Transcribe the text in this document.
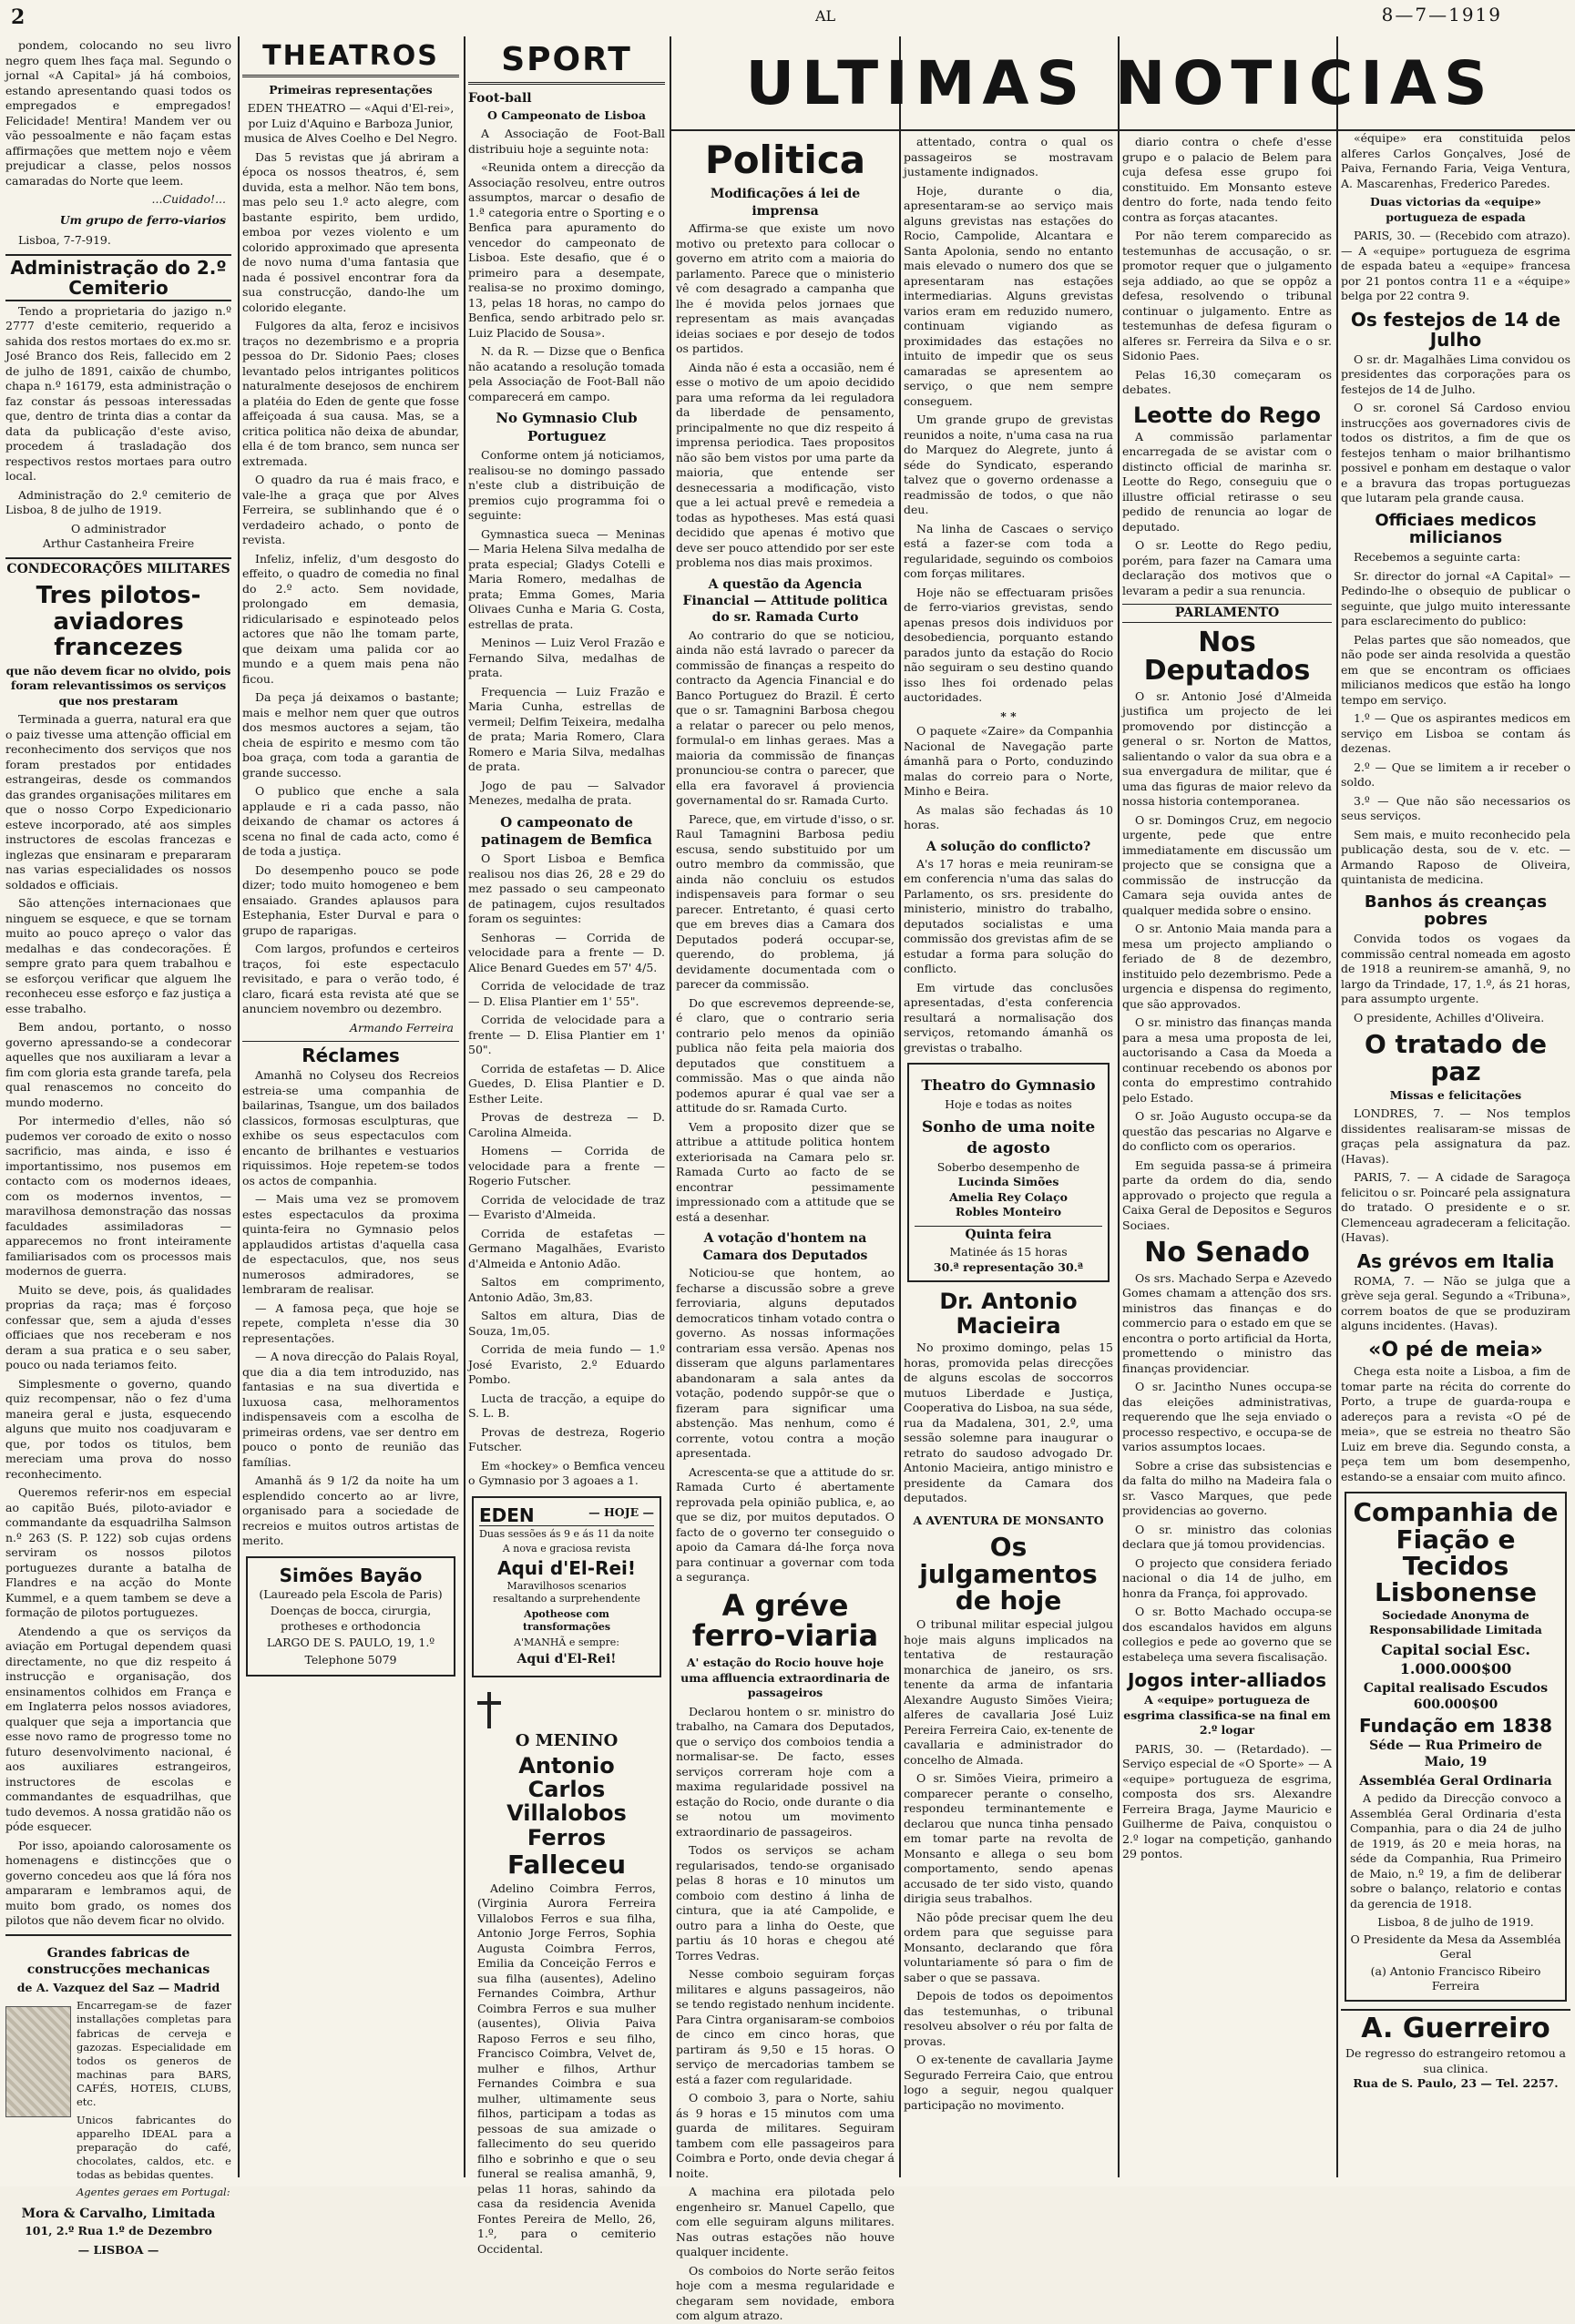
2	AL	8—7—1919
ULTIMAS NOTICIAS

pondem, colocando no seu livro negro quem lhes faça mal. Segundo o jornal «A Capital» já há comboios, estando apresentando quasi todos os empregados e empregados! Felicidade! Mentira! Mandem ver ou vão pessoalmente e não façam estas affirmações que mettem nojo e vêem prejudicar a classe, pelos nossos camaradas do Norte que leem.

...Cuidado!...
Um grupo de ferro-viarios
Lisboa, 7-7-919.
Administração do 2.º Cemiterio

Tendo a proprietaria do jazigo n.º 2777 d'este cemiterio, requerido a sahida dos restos mortaes do ex.mo sr. José Branco dos Reis, fallecido em 2 de julho de 1891, caixão de chumbo, chapa n.º 16179, esta administração o faz constar ás pessoas interessadas que, dentro de trinta dias a contar da data da publicação d'este aviso, procedem á trasladação dos respectivos restos mortaes para outro local.

Administração do 2.º cemiterio de Lisboa, 8 de julho de 1919.

O administrador
Arthur Castanheira Freire
CONDECORAÇÕES MILITARES
Tres pilotos-aviadores francezes
que não devem ficar no olvido, pois foram relevantissimos os serviços que nos prestaram

Terminada a guerra, natural era que o paiz tivesse uma attenção official em reconhecimento dos serviços que nos foram prestados por entidades estrangeiras, desde os commandos das grandes organisações militares em que o nosso Corpo Expedicionario esteve incorporado, até aos simples instructores de escolas francezas e inglezas que ensinaram e prepararam nas varias especialidades os nossos soldados e officiais.

São attenções internacionaes que ninguem se esquece, e que se tornam muito ao pouco apreço o valor das medalhas e das condecorações. É sempre grato para quem trabalhou e se esforçou verificar que alguem lhe reconheceu esse esforço e faz justiça a esse trabalho.

Bem andou, portanto, o nosso governo apressando-se a condecorar aquelles que nos auxiliaram a levar a fim com gloria esta grande tarefa, pela qual renascemos no conceito do mundo moderno.

Por intermedio d'elles, não só pudemos ver coroado de exito o nosso sacrificio, mas ainda, e isso é importantissimo, nos pusemos em contacto com os modernos ideaes, com os modernos inventos, — maravilhosa demonstração das nossas faculdades assimiladoras — apparecemos no front inteiramente familiarisados com os processos mais modernos de guerra.

Muito se deve, pois, ás qualidades proprias da raça; mas é forçoso confessar que, sem a ajuda d'esses officiaes que nos receberam e nos deram a sua pratica e o seu saber, pouco ou nada teriamos feito.

Simplesmente o governo, quando quiz recompensar, não o fez d'uma maneira geral e justa, esquecendo alguns que muito nos coadjuvaram e que, por todos os titulos, bem mereciam uma prova do nosso reconhecimento.

Queremos referir-nos em especial ao capitão Bués, piloto-aviador e commandante da esquadrilha Salmson n.º 263 (S. P. 122) sob cujas ordens serviram os nossos pilotos portuguezes durante a batalha de Flandres e na acção do Monte Kummel, e a quem tambem se deve a formação de pilotos portuguezes.

Atendendo a que os serviços da aviação em Portugal dependem quasi directamente, no que diz respeito á instrucção e organisação, dos ensinamentos colhidos em França e em Inglaterra pelos nossos aviadores, qualquer que seja a importancia que esse novo ramo de progresso tome no futuro desenvolvimento nacional, é aos auxiliares estrangeiros, instructores de escolas e commandantes de esquadrilhas, que tudo devemos. A nossa gratidão não os póde esquecer.

Por isso, apoiando calorosamente os homenagens e distincções que o governo concedeu aos que lá fóra nos ampararam e lembramos aqui, de muito bom grado, os nomes dos pilotos que não devem ficar no olvido.

Grandes fabricas de construcções mechanicas
de A. Vazquez del Saz — Madrid
Encarregam-se de fazer installações completas para fabricas de cerveja e gazozas. Especialidade em todos os generos de machinas para BARS, CAFÉS, HOTEIS, CLUBS, etc.
Unicos fabricantes do apparelho IDEAL para a preparação do café, chocolates, caldos, etc. e todas as bebidas quentes.
Agentes geraes em Portugal:
Mora & Carvalho, Limitada
101, 2.º Rua 1.º de Dezembro
— LISBOA —
THEATROS
Primeiras representações
EDEN THEATRO — «Aqui d'El-rei», por Luiz d'Aquino e Barboza Junior, musica de Alves Coelho e Del Negro.

Das 5 revistas que já abriram a época os nossos theatros, é, sem duvida, esta a melhor. Não tem bons, mas pelo seu 1.º acto alegre, com bastante espirito, bem urdido, emboa por vezes violento e um colorido approximado que apresenta de novo numa d'uma fantasia que nada é possivel encontrar fora da sua construcção, dando-lhe um colorido elegante.

Fulgores da alta, feroz e incisivos traços no dezembrismo e a propria pessoa do Dr. Sidonio Paes; closes levantado pelos intrigantes politicos naturalmente desejosos de enchirem a platéia do Eden de gente que fosse affeiçoada á sua causa. Mas, se a critica politica não deixa de abundar, ella é de tom branco, sem nunca ser extremada.

O quadro da rua é mais fraco, e vale-lhe a graça que por Alves Ferreira, se sublinhando que é o verdadeiro achado, o ponto de revista.

Infeliz, infeliz, d'um desgosto do effeito, o quadro de comedia no final do 2.º acto. Sem novidade, prolongado em demasia, ridicularisado e espinoteado pelos actores que não lhe tomam parte, que deixam uma palida cor ao mundo e a quem mais pena não ficou.

Da peça já deixamos o bastante; mais e melhor nem quer que outros dos mesmos auctores a sejam, tão cheia de espirito e mesmo com tão boa graça, com toda a garantia de grande successo.

O publico que enche a sala applaude e ri a cada passo, não deixando de chamar os actores á scena no final de cada acto, como é de toda a justiça.

Do desempenho pouco se pode dizer; todo muito homogeneo e bem ensaiado. Grandes aplausos para Estephania, Ester Durval e para o grupo de raparigas.

Com largos, profundos e certeiros traços, foi este espectaculo revisitado, e para o verão todo, é claro, ficará esta revista até que se anunciem novembro ou dezembro.

Armando Ferreira
Réclames

Amanhã no Colyseu dos Recreios estreia-se uma companhia de bailarinas, Tsangue, um dos bailados classicos, formosas esculpturas, que exhibe os seus espectaculos com encanto de brilhantes e vestuarios riquissimos. Hoje repetem-se todos os actos de companhia.

— Mais uma vez se promovem estes espectaculos da proxima quinta-feira no Gymnasio pelos applaudidos artistas d'aquella casa de espectaculos, que, nos seus numerosos admiradores, se lembraram de realisar.

— A famosa peça, que hoje se repete, completa n'esse dia 30 representações.

— A nova direcção do Palais Royal, que dia a dia tem introduzido, nas fantasias e na sua divertida e luxuosa casa, melhoramentos indispensaveis com a escolha de primeiras ordens, vae ser dentro em pouco o ponto de reunião das famílias.

Amanhã ás 9 1/2 da noite ha um esplendido concerto ao ar livre, organisado para a sociedade de recreios e muitos outros artistas de merito.

Simões Bayão
(Laureado pela Escola de Paris)
Doenças de bocca, cirurgia, protheses e orthodoncia
LARGO DE S. PAULO, 19, 1.º
Telephone 5079
SPORT
Foot-ball
O Campeonato de Lisboa

A Associação de Foot-Ball distribuiu hoje a seguinte nota:

«Reunida ontem a direcção da Associação resolveu, entre outros assumptos, marcar o desafio de 1.ª categoria entre o Sporting e o Benfica para apuramento do vencedor do campeonato de Lisboa. Este desafio, que é o primeiro para a desempate, realisa-se no proximo domingo, 13, pelas 18 horas, no campo do Benfica, sendo arbitrado pelo sr. Luiz Placido de Sousa».

N. da R. — Dizse que o Benfica não acatando a resolução tomada pela Associação de Foot-Ball não comparecerá em campo.

No Gymnasio Club Portuguez

Conforme ontem já noticiamos, realisou-se no domingo passado n'este club a distribuição de premios cujo programma foi o seguinte:

Gymnastica sueca — Meninas — Maria Helena Silva medalha de prata especial; Gladys Cotelli e Maria Romero, medalhas de prata; Emma Gomes, Maria Olivaes Cunha e Maria G. Costa, estrellas de prata.

Meninos — Luiz Verol Frazão e Fernando Silva, medalhas de prata.

Frequencia — Luiz Frazão e Maria Cunha, estrellas de vermeil; Delfim Teixeira, medalha de prata; Maria Romero, Clara Romero e Maria Silva, medalhas de prata.

Jogo de pau — Salvador Menezes, medalha de prata.

O campeonato de patinagem de Bemfica

O Sport Lisboa e Bemfica realisou nos dias 26, 28 e 29 do mez passado o seu campeonato de patinagem, cujos resultados foram os seguintes:

Senhoras — Corrida de velocidade para a frente — D. Alice Benard Guedes em 57' 4/5.

Corrida de velocidade de traz — D. Elisa Plantier em 1' 55".

Corrida de velocidade para a frente — D. Elisa Plantier em 1' 50".

Corrida de estafetas — D. Alice Guedes, D. Elisa Plantier e D. Esther Leite.

Provas de destreza — D. Carolina Almeida.

Homens — Corrida de velocidade para a frente — Rogerio Futscher.

Corrida de velocidade de traz — Evaristo d'Almeida.

Corrida de estafetas — Germano Magalhães, Evaristo d'Almeida e Antonio Adão.

Saltos em comprimento, Antonio Adão, 3m,83.

Saltos em altura, Dias de Souza, 1m,05.

Corrida de meia fundo — 1.º José Evaristo, 2.º Eduardo Pombo.

Lucta de tracção, a equipe do S. L. B.

Provas de destreza, Rogerio Futscher.

Em «hockey» o Bemfica venceu o Gymnasio por 3 agoaes a 1.

EDEN	— HOJE —
Duas sessões ás 9 e ás 11 da noite
A nova e graciosa revista
Aqui d'El-Rei!
Maravilhosos scenarios resaltando a surprehendente
Apotheose com transformações
A'MANHÃ e sempre:
Aqui d'El-Rei!
O MENINO
Antonio Carlos Villalobos Ferros
Falleceu

Adelino Coimbra Ferros, (Virginia Aurora Ferreira Villalobos Ferros e sua filha, Antonio Jorge Ferros, Sophia Augusta Coimbra Ferros, Emilia da Conceição Ferros e sua filha (ausentes), Adelino Fernandes Coimbra, Arthur Coimbra Ferros e sua mulher (ausentes), Olivia Paiva Raposo Ferros e seu filho, Francisco Coimbra, Velvet de, mulher e filhos, Arthur Fernandes Coimbra e sua mulher, ultimamente seus filhos, participam a todas as pessoas de sua amizade o fallecimento do seu querido filho e sobrinho e que o seu funeral se realisa amanhã, 9, pelas 11 horas, sahindo da casa da residencia Avenida Fontes Pereira de Mello, 26, 1.º, para o cemiterio Occidental.

Politica
Modificações á lei de imprensa

Affirma-se que existe um novo motivo ou pretexto para collocar o governo em atrito com a maioria do parlamento. Parece que o ministerio vê com desagrado a campanha que lhe é movida pelos jornaes que representam as mais avançadas ideias sociaes e por desejo de todos os partidos.

Ainda não é esta a occasião, nem é esse o motivo de um apoio decidido para uma reforma da lei reguladora da liberdade de pensamento, principalmente no que diz respeito á imprensa periodica. Taes propositos não são bem vistos por uma parte da maioria, que entende ser desnecessaria a modificação, visto que a lei actual prevê e remedeia a todas as hypotheses. Mas está quasi decidido que apenas é motivo que deve ser pouco attendido por ser este problema nos dias mais proximos.

A questão da Agencia Financial — Attitude politica do sr. Ramada Curto

Ao contrario do que se noticiou, ainda não está lavrado o parecer da commissão de finanças a respeito do contracto da Agencia Financial e do Banco Portuguez do Brazil. É certo que o sr. Tamagnini Barbosa chegou a relatar o parecer ou pelo menos, formulal-o em linhas geraes. Mas a maioria da commissão de finanças pronunciou-se contra o parecer, que ella era favoravel á proviencia governamental do sr. Ramada Curto.

Parece, que, em virtude d'isso, o sr. Raul Tamagnini Barbosa pediu escusa, sendo substituido por um outro membro da commissão, que ainda não concluiu os estudos indispensaveis para formar o seu parecer. Entretanto, é quasi certo que em breves dias a Camara dos Deputados poderá occupar-se, querendo, do problema, já devidamente documentada com o parecer da commissão.

Do que escrevemos depreende-se, é claro, que o contrario seria contrario pelo menos da opinião publica não feita pela maioria dos deputados que constituem a commissão. Mas o que ainda não podemos apurar é qual vae ser a attitude do sr. Ramada Curto.

Vem a proposito dizer que se attribue a attitude politica hontem exteriorisada na Camara pelo sr. Ramada Curto ao facto de se encontrar pessimamente impressionado com a attitude que se está a desenhar.

A votação d'hontem na Camara dos Deputados

Noticiou-se que hontem, ao fecharse a discussão sobre a greve ferroviaria, alguns deputados democraticos tinham votado contra o governo. As nossas informações contrariam essa versão. Apenas nos disseram que alguns parlamentares abandonaram a sala antes da votação, podendo suppôr-se que o fizeram para significar uma abstenção. Mas nenhum, como é corrente, votou contra a moção apresentada.

Acrescenta-se que a attitude do sr. Ramada Curto é abertamente reprovada pela opinião publica, e, ao que se diz, por muitos deputados. O facto de o governo ter conseguido o apoio da Camara dá-lhe força nova para continuar a governar com toda a segurança.

A gréve ferro-viaria
A' estação do Rocio houve hoje uma affluencia extraordinaria de passageiros

Declarou hontem o sr. ministro do trabalho, na Camara dos Deputados, que o serviço dos comboios tendia a normalisar-se. De facto, esses serviços correram hoje com a maxima regularidade possivel na estação do Rocio, onde durante o dia se notou um movimento extraordinario de passageiros.

Todos os serviços se acham regularisados, tendo-se organisado pelas 8 horas e 10 minutos um comboio com destino á linha de cintura, que ia até Campolide, e outro para a linha do Oeste, que partiu ás 10 horas e chegou até Torres Vedras.

Nesse comboio seguiram forças militares e alguns passageiros, não se tendo registado nenhum incidente. Para Cintra organisaram-se comboios de cinco em cinco horas, que partiram ás 9,50 e 15 horas. O serviço de mercadorias tambem se está a fazer com regularidade.

O comboio 3, para o Norte, sahiu ás 9 horas e 15 minutos com uma guarda de militares. Seguiram tambem com elle passageiros para Coimbra e Porto, onde devia chegar á noite.

A machina era pilotada pelo engenheiro sr. Manuel Capello, que com elle seguiram alguns militares. Nas outras estações não houve qualquer incidente.

Os comboios do Norte serão feitos hoje com a mesma regularidade e chegaram sem novidade, embora com algum atrazo.

attentado, contra o qual os passageiros se mostravam justamente indignados.

Hoje, durante o dia, apresentaram-se ao serviço mais alguns grevistas nas estações do Rocio, Campolide, Alcantara e Santa Apolonia, sendo no entanto mais elevado o numero dos que se apresentaram nas estações intermediarias. Alguns grevistas varios eram em reduzido numero, continuam vigiando as proximidades das estações no intuito de impedir que os seus camaradas se apresentem ao serviço, o que nem sempre conseguem.

Um grande grupo de grevistas reunidos a noite, n'uma casa na rua do Marquez do Alegrete, junto á séde do Syndicato, esperando talvez que o governo ordenasse a readmissão de todos, o que não deu.

Na linha de Cascaes o serviço está a fazer-se com toda a regularidade, seguindo os comboios com forças militares.

Hoje não se effectuaram prisões de ferro-viarios grevistas, sendo apenas presos dois individuos por desobediencia, porquanto estando parados junto da estação do Rocio não seguiram o seu destino quando isso lhes foi ordenado pelas auctoridades.

* *

O paquete «Zaire» da Companhia Nacional de Navegação parte ámanhã para o Porto, conduzindo malas do correio para o Norte, Minho e Beira.

As malas são fechadas ás 10 horas.

A solução do conflicto?

A's 17 horas e meia reuniram-se em conferencia n'uma das salas do Parlamento, os srs. presidente do ministerio, ministro do trabalho, deputados socialistas e uma commissão dos grevistas afim de se estudar a forma para solução do conflicto.

Em virtude das conclusões apresentadas, d'esta conferencia resultará a normalisação dos serviços, retomando ámanhã os grevistas o trabalho.

Theatro do Gymnasio
Hoje e todas as noites
Sonho de uma noite de agosto
Soberbo desempenho de
Lucinda Simões
Amelia Rey Colaço
Robles Monteiro
Quinta feira
Matinée ás 15 horas
30.ª representação 30.ª
Dr. Antonio Macieira

No proximo domingo, pelas 15 horas, promovida pelas direcções de alguns escolas de soccorros mutuos Liberdade e Justiça, Cooperativa do Lisboa, na sua séde, rua da Madalena, 301, 2.º, uma sessão solemne para inaugurar o retrato do saudoso advogado Dr. Antonio Macieira, antigo ministro e presidente da Camara dos deputados.

A AVENTURA DE MONSANTO
Os julgamentos de hoje

O tribunal militar especial julgou hoje mais alguns implicados na tentativa de restauração monarchica de janeiro, os srs. tenente da arma de infantaria Alexandre Augusto Simões Vieira; alferes de cavallaria José Luiz Pereira Ferreira Caio, ex-tenente de cavallaria e administrador do concelho de Almada.

O sr. Simões Vieira, primeiro a comparecer perante o conselho, respondeu terminantemente e declarou que nunca tinha pensado em tomar parte na revolta de Monsanto e allega o seu bom comportamento, sendo apenas accusado de ter sido visto, quando dirigia seus trabalhos.

Não pôde precisar quem lhe deu ordem para que seguisse para Monsanto, declarando que fôra voluntariamente só para o fim de saber o que se passava.

Depois de todos os depoimentos das testemunhas, o tribunal resolveu absolver o réu por falta de provas.

O ex-tenente de cavallaria Jayme Segurado Ferreira Caio, que entrou logo a seguir, negou qualquer participação no movimento.

diario contra o chefe d'esse grupo e o palacio de Belem para cuja defesa esse grupo foi constituido. Em Monsanto esteve dentro do forte, nada tendo feito contra as forças atacantes.

Por não terem comparecido as testemunhas de accusação, o sr. promotor requer que o julgamento seja addiado, ao que se oppôz a defesa, resolvendo o tribunal continuar o julgamento. Entre as testemunhas de defesa figuram o alferes sr. Ferreira da Silva e o sr. Sidonio Paes.

Pelas 16,30 começaram os debates.

Leotte do Rego

A commissão parlamentar encarregada de se avistar com o distincto official de marinha sr. Leotte do Rego, conseguiu que o illustre official retirasse o seu pedido de renuncia ao logar de deputado.

O sr. Leotte do Rego pediu, porém, para fazer na Camara uma declaração dos motivos que o levaram a pedir a sua renuncia.

PARLAMENTO
Nos Deputados

O sr. Antonio José d'Almeida justifica um projecto de lei promovendo por distincção a general o sr. Norton de Mattos, salientando o valor da sua obra e a sua envergadura de militar, que é uma das figuras de maior relevo da nossa historia contemporanea.

O sr. Domingos Cruz, em negocio urgente, pede que entre immediatamente em discussão um projecto que se consigna que a commissão de instrucção da Camara seja ouvida antes de qualquer medida sobre o ensino.

O sr. Antonio Maia manda para a mesa um projecto ampliando o feriado de 8 de dezembro, instituido pelo dezembrismo. Pede a urgencia e dispensa do regimento, que são approvados.

O sr. ministro das finanças manda para a mesa uma proposta de lei, auctorisando a Casa da Moeda a continuar recebendo os abonos por conta do emprestimo contrahido pelo Estado.

O sr. João Augusto occupa-se da questão das pescarias no Algarve e do conflicto com os operarios.

Em seguida passa-se á primeira parte da ordem do dia, sendo approvado o projecto que regula a Caixa Geral de Depositos e Seguros Sociaes.

No Senado

Os srs. Machado Serpa e Azevedo Gomes chamam a attenção dos srs. ministros das finanças e do commercio para o estado em que se encontra o porto artificial da Horta, promettendo o ministro das finanças providenciar.

O sr. Jacintho Nunes occupa-se das eleições administrativas, requerendo que lhe seja enviado o processo respectivo, e occupa-se de varios assumptos locaes.

Sobre a crise das subsistencias e da falta do milho na Madeira fala o sr. Vasco Marques, que pede providencias ao governo.

O sr. ministro das colonias declara que já tomou providencias.

O projecto que considera feriado nacional o dia 14 de julho, em honra da França, foi approvado.

O sr. Botto Machado occupa-se dos escandalos havidos em alguns collegios e pede ao governo que se estabeleça uma severa fiscalisação.

Jogos inter-alliados
A «equipe» portugueza de esgrima classifica-se na final em 2.º logar

PARIS, 30. — (Retardado). — Serviço especial de «O Sporte» — A «equipe» portugueza de esgrima, composta dos srs. Alexandre Ferreira Braga, Jayme Mauricio e Guilherme de Paiva, conquistou o 2.º logar na competição, ganhando 29 pontos.

«équipe» era constituida pelos alferes Carlos Gonçalves, José de Paiva, Fernando Faria, Veiga Ventura, A. Mascarenhas, Frederico Paredes.

Duas victorias da «equipe» portugueza de espada

PARIS, 30. — (Recebido com atrazo). — A «equipe» portugueza de esgrima de espada bateu a «equipe» francesa por 21 pontos contra 11 e a «équipe» belga por 22 contra 9.

Os festejos de 14 de Julho

O sr. dr. Magalhães Lima convidou os presidentes das corporações para os festejos de 14 de Julho.

O sr. coronel Sá Cardoso enviou instrucções aos governadores civis de todos os distritos, a fim de que os festejos tenham o maior brilhantismo possivel e ponham em destaque o valor e a bravura das tropas portuguezas que lutaram pela grande causa.

Officiaes medicos milicianos

Recebemos a seguinte carta:

Sr. director do jornal «A Capital» — Pedindo-lhe o obsequio de publicar o seguinte, que julgo muito interessante para esclarecimento do publico:

Pelas partes que são nomeados, que não pode ser ainda resolvida a questão em que se encontram os officiaes milicianos medicos que estão ha longo tempo em serviço.

1.º — Que os aspirantes medicos em serviço em Lisboa se contam ás dezenas.

2.º — Que se limitem a ir receber o soldo.

3.º — Que não são necessarios os seus serviços.

Sem mais, e muito reconhecido pela publicação desta, sou de v. etc. — Armando Raposo de Oliveira, quintanista de medicina.

Banhos ás creanças pobres

Convida todos os vogaes da commissão central nomeada em agosto de 1918 a reunirem-se amanhã, 9, no largo da Trindade, 17, 1.º, ás 21 horas, para assumpto urgente.

O presidente, Achilles d'Oliveira.

O tratado de paz
Missas e felicitações

LONDRES, 7. — Nos templos dissidentes realisaram-se missas de graças pela assignatura da paz. (Havas).

PARIS, 7. — A cidade de Saragoça felicitou o sr. Poincaré pela assignatura do tratado. O presidente e o sr. Clemenceau agradeceram a felicitação. (Havas).

As grévos em Italia

ROMA, 7. — Não se julga que a grève seja geral. Segundo a «Tribuna», correm boatos de que se produziram alguns incidentes. (Havas).

«O pé de meia»

Chega esta noite a Lisboa, a fim de tomar parte na récita do corrente do Porto, a trupe de guarda-roupa e adereços para a revista «O pé de meia», que se estreia no theatro São Luiz em breve dia. Segundo consta, a peça tem um bom desempenho, estando-se a ensaiar com muito afinco.

Companhia de Fiação e Tecidos Lisbonense
Sociedade Anonyma de Responsabilidade Limitada
Capital social Esc. 1.000.000$00
Capital realisado Escudos 600.000$00
Fundação em 1838
Séde — Rua Primeiro de Maio, 19
Assembléa Geral Ordinaria

A pedido da Direcção convoco a Assembléa Geral Ordinaria d'esta Companhia, para o dia 24 de julho de 1919, ás 20 e meia horas, na séde da Companhia, Rua Primeiro de Maio, n.º 19, a fim de deliberar sobre o balanço, relatorio e contas da gerencia de 1918.

Lisboa, 8 de julho de 1919.
O Presidente da Mesa da Assembléa Geral
(a) Antonio Francisco Ribeiro Ferreira
A. Guerreiro
De regresso do estrangeiro retomou a sua clinica.
Rua de S. Paulo, 23 — Tel. 2257.
